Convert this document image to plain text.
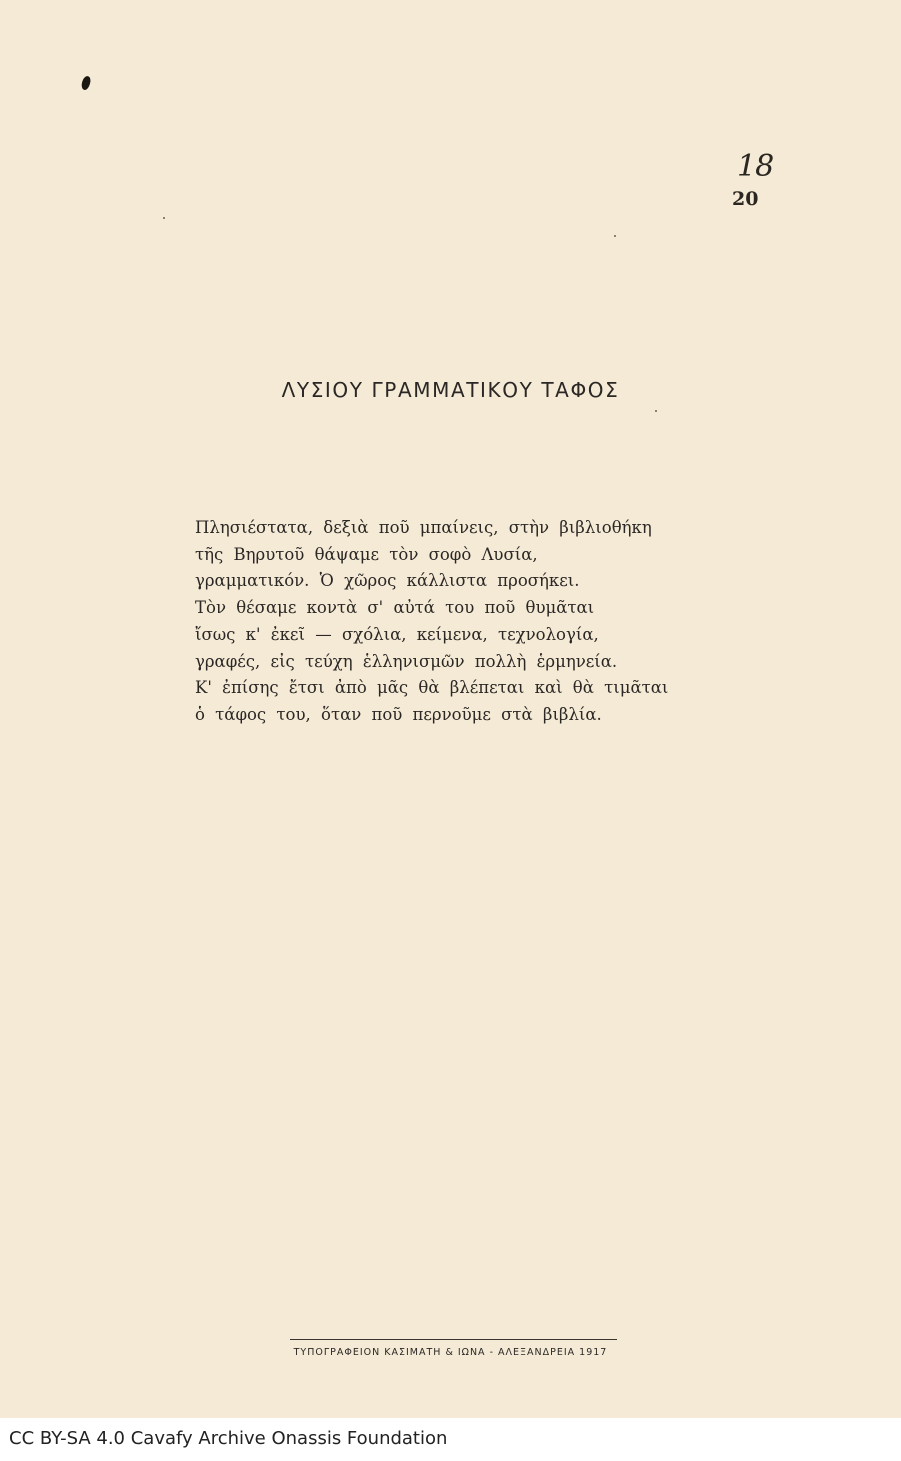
18
20
ΛΥΣΙΟΥ ΓΡΑΜΜΑΤΙΚΟΥ ΤΑΦΟΣ
Πλησιέστατα, δεξιὰ ποῦ μπαίνεις, στὴν βιβλιοθήκη
τῆς Βηρυτοῦ θάψαμε τὸν σοφὸ Λυσία,
γραμματικόν. Ὁ χῶρος κάλλιστα προσήκει.
Τὸν θέσαμε κοντὰ σ' αὐτά του ποῦ θυμᾶται
ἴσως κ' ἐκεῖ — σχόλια, κείμενα, τεχνολογία,
γραφές, εἰς τεύχη ἑλληνισμῶν πολλὴ ἑρμηνεία.
Κ' ἐπίσης ἔτσι ἀπὸ μᾶς θὰ βλέπεται καὶ θὰ τιμᾶται
ὁ τάφος του, ὅταν ποῦ περνοῦμε στὰ βιβλία.
ΤΥΠΟΓΡΑΦΕΙΟΝ ΚΑΣΙΜΑΤΗ & ΙΩΝΑ - ΑΛΕΞΑΝΔΡΕΙΑ 1917
CC BY-SA 4.0 Cavafy Archive Onassis Foundation
